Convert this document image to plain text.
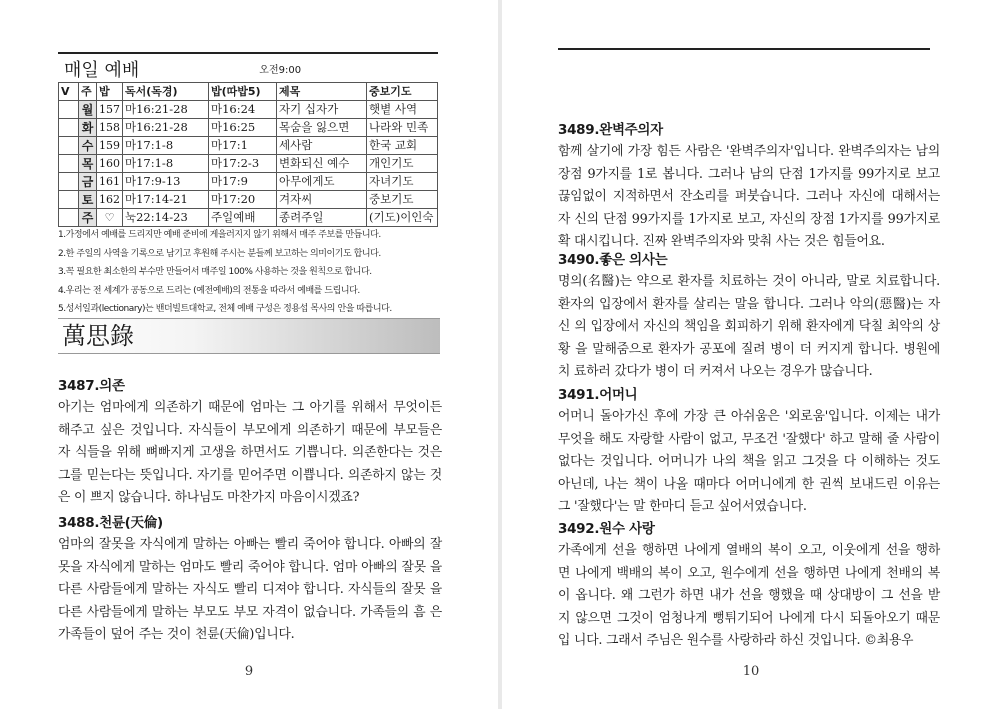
매일 예배	오전9:00
V	주	밥	독서(독경)	밥(따밥5)	제목	중보기도
	월	157	마16:21-28	마16:24	자기 십자가	햇볕 사역
	화	158	마16:21-28	마16:25	목숨을 잃으면	나라와 민족
	수	159	마17:1-8	마17:1	세사람	한국 교회
	목	160	마17:1-8	마17:2-3	변화되신 예수	개인기도
	금	161	마17:9-13	마17:9	아무에게도	자녀기도
	토	162	마17:14-21	마17:20	겨자씨	중보기도
	주	♡	눅22:14-23	주일예배	종려주일	(기도)이인숙
1.가정에서 예배를 드리지만 예배 준비에 게을러지지 않기 위해서 매주 주보를 만듭니다.
2.한 주일의 사역을 기록으로 남기고 후원해 주시는 분들께 보고하는 의미이기도 합니다.
3.꼭 필요한 최소한의 부수만 만들어서 매주일 100% 사용하는 것을 원칙으로 합니다.
4.우리는 전 세계가 공동으로 드리는 (예전예배)의 전통을 따라서 예배를 드립니다.
5.성서일과(lectionary)는 밴더빌트대학교, 전체 예배 구성은 정용섭 목사의 안을 따릅니다.
萬思錄
3487.의존

아기는 엄마에게 의존하기 때문에 엄마는 그 아기를 위해서 무엇이든 해주고 싶은 것입니다. 자식들이 부모에게 의존하기 때문에 부모들은 자 식들을 위해 뼈빠지게 고생을 하면서도 기쁩니다. 의존한다는 것은 그를 믿는다는 뜻입니다. 자기를 믿어주면 이쁩니다. 의존하지 않는 것은 이 쁘지 않습니다. 하나님도 마찬가지 마음이시겠죠?

3488.천륜(天倫)

엄마의 잘못을 자식에게 말하는 아빠는 빨리 죽어야 합니다. 아빠의 잘못을 자식에게 말하는 엄마도 빨리 죽어야 합니다. 엄마 아빠의 잘못 을 다른 사람들에게 말하는 자식도 빨리 디져야 합니다. 자식들의 잘못 을 다른 사람들에게 말하는 부모도 부모 자격이 없습니다. 가족들의 흠 은 가족들이 덮어 주는 것이 천륜(天倫)입니다.

9	10
3489.완벽주의자

함께 살기에 가장 힘든 사람은 '완벽주의자'입니다. 완벽주의자는 남의 장점 9가지를 1로 봅니다. 그러나 남의 단점 1가지를 99가지로 보고 끊임없이 지적하면서 잔소리를 퍼붓습니다. 그러나 자신에 대해서는 자 신의 단점 99가지를 1가지로 보고, 자신의 장점 1가지를 99가지로 확 대시킵니다. 진짜 완벽주의자와 맞춰 사는 것은 힘들어요.

3490.좋은 의사는

명의(名醫)는 약으로 환자를 치료하는 것이 아니라, 말로 치료합니다. 환자의 입장에서 환자를 살리는 말을 합니다. 그러나 악의(惡醫)는 자신 의 입장에서 자신의 책임을 회피하기 위해 환자에게 닥칠 최악의 상황 을 말해줌으로 환자가 공포에 질려 병이 더 커지게 합니다. 병원에 치 료하러 갔다가 병이 더 커져서 나오는 경우가 많습니다.

3491.어머니

어머니 돌아가신 후에 가장 큰 아쉬움은 '외로움'입니다. 이제는 내가 무엇을 해도 자랑할 사람이 없고, 무조건 '잘했다' 하고 말해 줄 사람이 없다는 것입니다. 어머니가 나의 책을 읽고 그것을 다 이해하는 것도 아닌데, 나는 책이 나올 때마다 어머니에게 한 권씩 보내드린 이유는 그 '잘했다'는 말 한마디 듣고 싶어서였습니다.

3492.원수 사랑

가족에게 선을 행하면 나에게 열배의 복이 오고, 이웃에게 선을 행하 면 나에게 백배의 복이 오고, 원수에게 선을 행하면 나에게 천배의 복 이 옵니다. 왜 그런가 하면 내가 선을 행했을 때 상대방이 그 선을 받 지 않으면 그것이 엄청나게 뻥튀기되어 나에게 다시 되돌아오기 때문입 니다. 그래서 주님은 원수를 사랑하라 하신 것입니다. ©최용우
